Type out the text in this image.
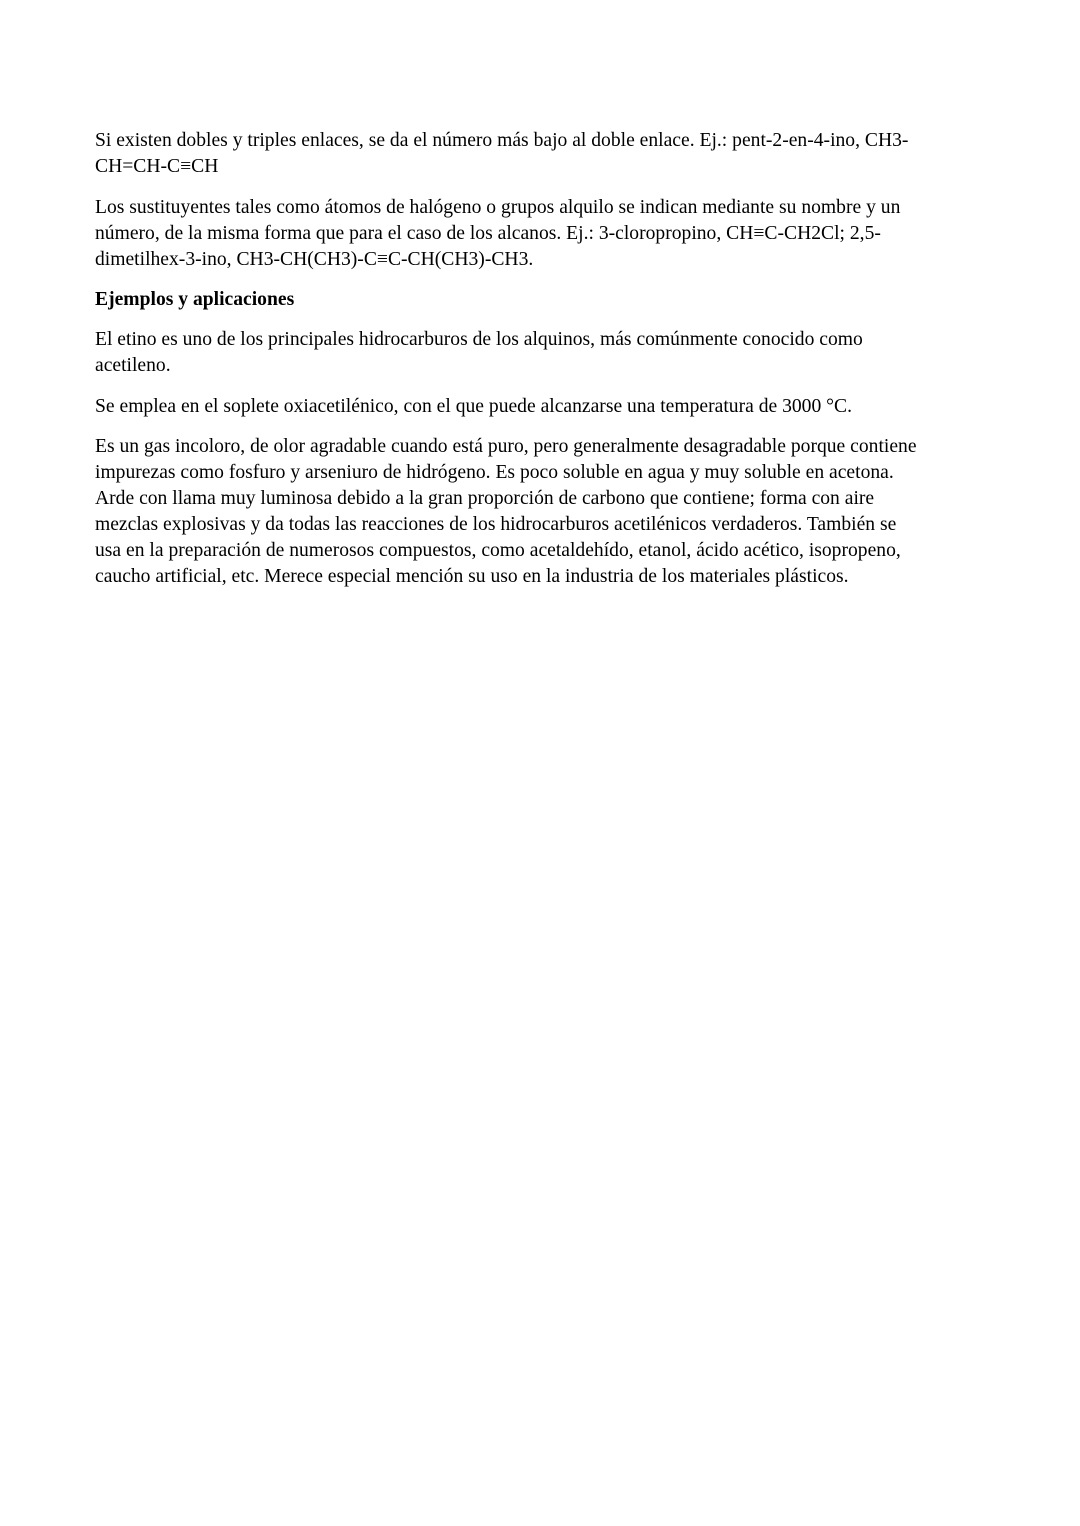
Si existen dobles y triples enlaces, se da el número más bajo al doble enlace. Ej.: pent-2-en-4-ino, CH3-
CH=CH-C≡CH

Los sustituyentes tales como átomos de halógeno o grupos alquilo se indican mediante su nombre y un
número, de la misma forma que para el caso de los alcanos. Ej.: 3-cloropropino, CH≡C-CH2Cl; 2,5-
dimetilhex-3-ino, CH3-CH(CH3)-C≡C-CH(CH3)-CH3.

Ejemplos y aplicaciones

El etino es uno de los principales hidrocarburos de los alquinos, más comúnmente conocido como
acetileno.

Se emplea en el soplete oxiacetilénico, con el que puede alcanzarse una temperatura de 3000 °C.

Es un gas incoloro, de olor agradable cuando está puro, pero generalmente desagradable porque contiene
impurezas como fosfuro y arseniuro de hidrógeno. Es poco soluble en agua y muy soluble en acetona.
Arde con llama muy luminosa debido a la gran proporción de carbono que contiene; forma con aire
mezclas explosivas y da todas las reacciones de los hidrocarburos acetilénicos verdaderos. También se
usa en la preparación de numerosos compuestos, como acetaldehído, etanol, ácido acético, isopropeno,
caucho artificial, etc. Merece especial mención su uso en la industria de los materiales plásticos.
